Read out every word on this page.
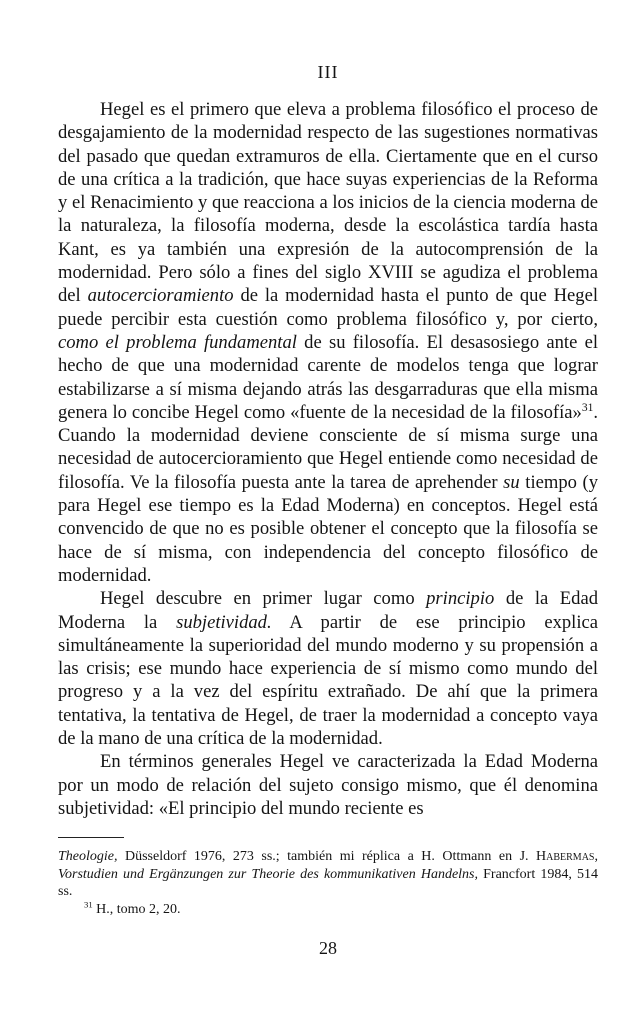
III

Hegel es el primero que eleva a problema filosófico el proceso de desgajamiento de la modernidad respecto de las sugestiones normativas del pasado que quedan extramuros de ella. Ciertamente que en el curso de una crítica a la tradición, que hace suyas experiencias de la Reforma y el Renacimiento y que reacciona a los inicios de la ciencia moderna de la naturaleza, la filosofía moderna, desde la escolástica tardía hasta Kant, es ya también una expresión de la autocomprensión de la modernidad. Pero sólo a fines del siglo XVIII se agudiza el problema del autocercioramiento de la modernidad hasta el punto de que Hegel puede percibir esta cuestión como problema filosófico y, por cierto, como el problema fundamental de su filosofía. El desasosiego ante el hecho de que una modernidad carente de modelos tenga que lograr estabilizarse a sí misma dejando atrás las desgarraduras que ella misma genera lo concibe Hegel como «fuente de la necesidad de la filosofía»$^{31}$. Cuando la modernidad deviene consciente de sí misma surge una necesidad de autocercioramiento que Hegel entiende como necesidad de filosofía. Ve la filosofía puesta ante la tarea de aprehender su tiempo (y para Hegel ese tiempo es la Edad Moderna) en conceptos. Hegel está convencido de que no es posible obtener el concepto que la filosofía se hace de sí misma, con independencia del concepto filosófico de modernidad.

Hegel descubre en primer lugar como principio de la Edad Moderna la subjetividad. A partir de ese principio explica simultáneamente la superioridad del mundo moderno y su propensión a las crisis; ese mundo hace experiencia de sí mismo como mundo del progreso y a la vez del espíritu extrañado. De ahí que la primera tentativa, la tentativa de Hegel, de traer la modernidad a concepto vaya de la mano de una crítica de la modernidad.

En términos generales Hegel ve caracterizada la Edad Moderna por un modo de relación del sujeto consigo mismo, que él denomina subjetividad: «El principio del mundo reciente es

Theologie, Düsseldorf 1976, 273 ss.; también mi réplica a H. Ottmann en J. Habermas, Vorstudien und Ergänzungen zur Theorie des kommunikativen Handelns, Francfort 1984, 514 ss.

$^{31}$ H., tomo 2, 20.

28
